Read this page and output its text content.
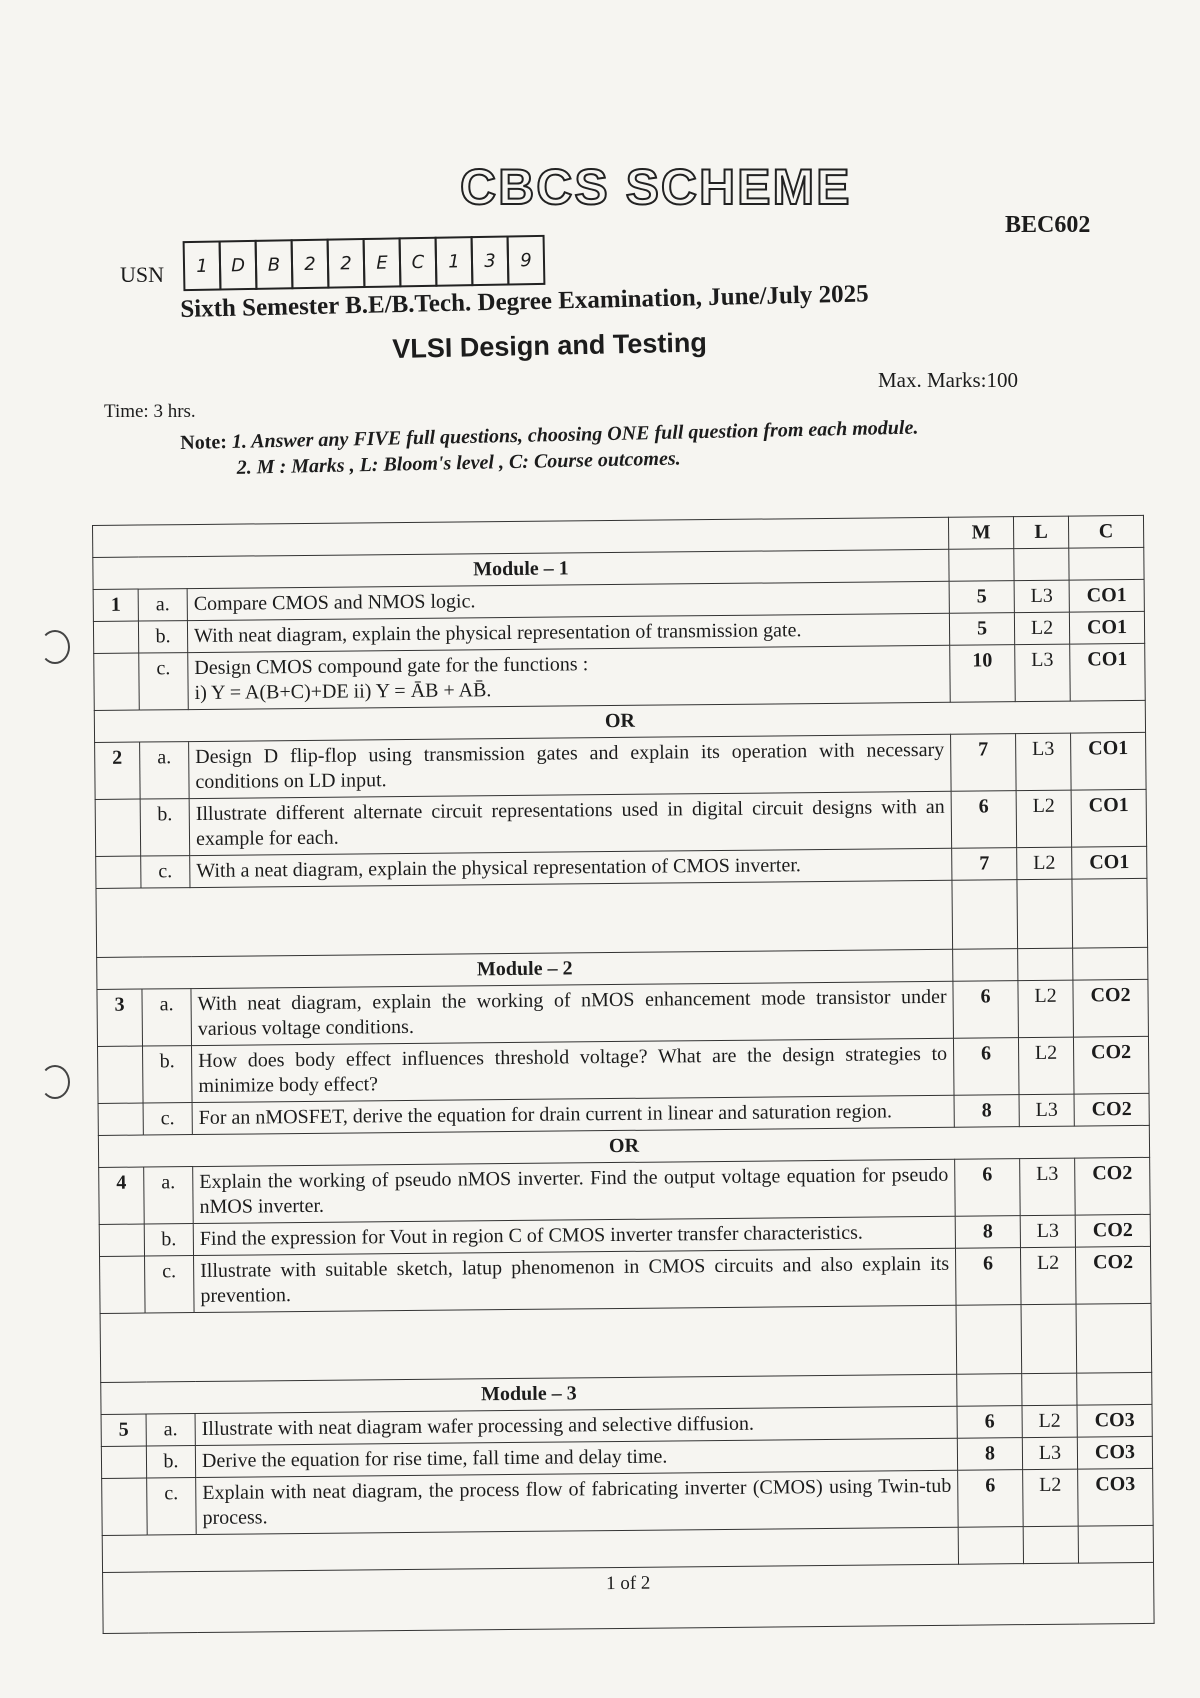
CBCS SCHEME
BEC602
USN	1	D	B	2	2	E	C	1	3	9
Sixth Semester B.E/B.Tech. Degree Examination, June/July 2025
VLSI Design and Testing
Max. Marks:100
Time: 3 hrs.
Note: 1. Answer any FIVE full questions, choosing ONE full question from each module.
2. M : Marks , L: Bloom's level , C: Course outcomes.
			M	L	C
Module – 1					
1	a.	Compare CMOS and NMOS logic.	5	L3	CO1
	b.	With neat diagram, explain the physical representation of transmission gate.	5	L2	CO1
	c.	Design CMOS compound gate for the functions :
i) Y = A(B+C)+DE ii) Y = ĀB + AB̄.	10	L3	CO1
OR					
2	a.	Design D flip-flop using transmission gates and explain its operation with necessary conditions on LD input.	7	L3	CO1
	b.	Illustrate different alternate circuit representations used in digital circuit designs with an example for each.	6	L2	CO1
	c.	With a neat diagram, explain the physical representation of CMOS inverter.	7	L2	CO1

Module – 2					
3	a.	With neat diagram, explain the working of nMOS enhancement mode transistor under various voltage conditions.	6	L2	CO2
	b.	How does body effect influences threshold voltage? What are the design strategies to minimize body effect?	6	L2	CO2
	c.	For an nMOSFET, derive the equation for drain current in linear and saturation region.	8	L3	CO2
OR					
4	a.	Explain the working of pseudo nMOS inverter. Find the output voltage equation for pseudo nMOS inverter.	6	L3	CO2
	b.	Find the expression for Vout in region C of CMOS inverter transfer characteristics.	8	L3	CO2
	c.	Illustrate with suitable sketch, latup phenomenon in CMOS circuits and also explain its prevention.	6	L2	CO2

Module – 3					
5	a.	Illustrate with neat diagram wafer processing and selective diffusion.	6	L2	CO3
	b.	Derive the equation for rise time, fall time and delay time.	8	L3	CO3
	c.	Explain with neat diagram, the process flow of fabricating inverter (CMOS) using Twin-tub process.	6	L2	CO3

1 of 2					
